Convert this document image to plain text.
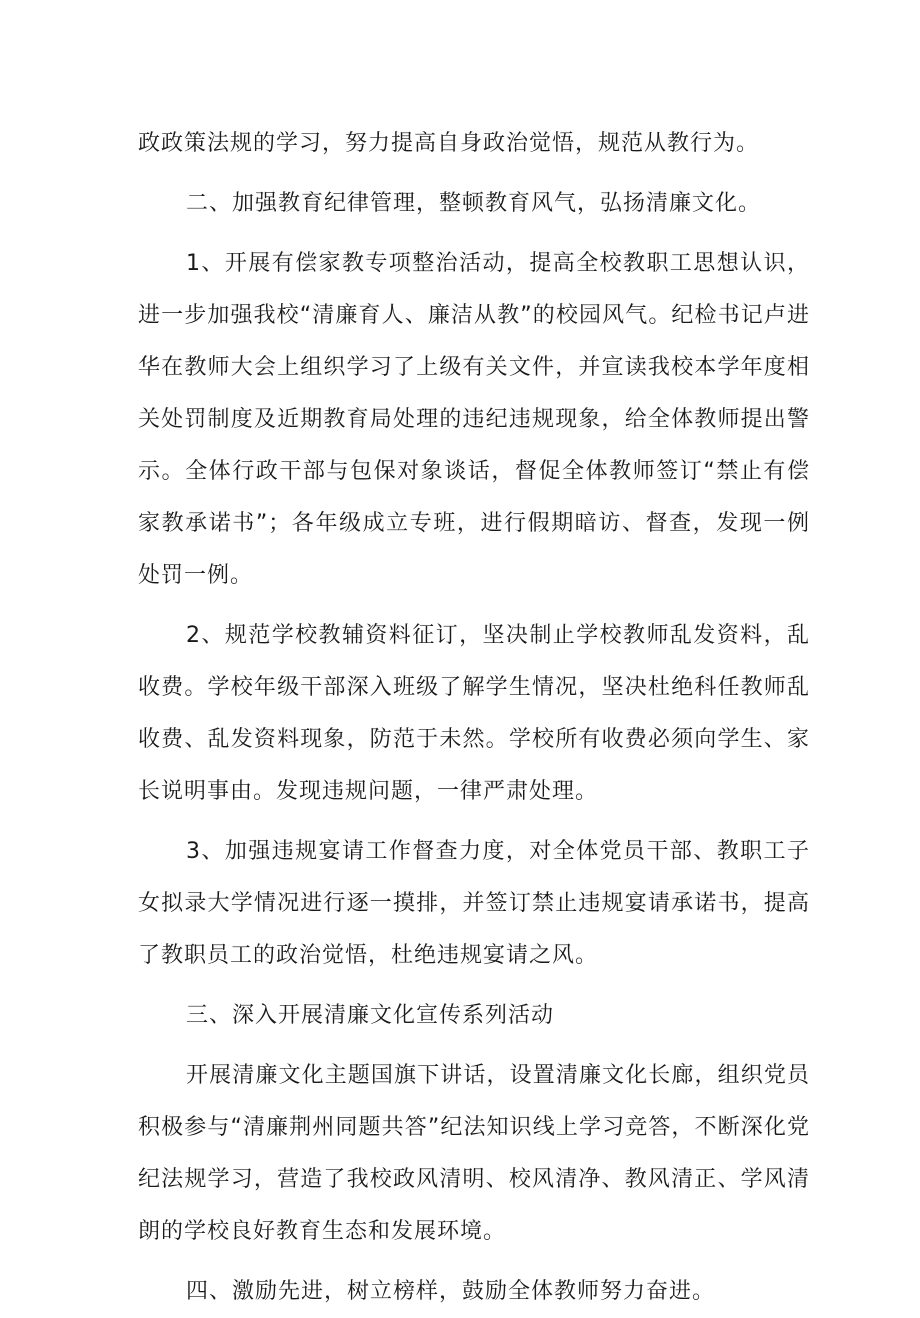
政政策法规的学习，努力提高自身政治觉悟，规范从教行为。

二、加强教育纪律管理，整顿教育风气，弘扬清廉文化。

1、开展有偿家教专项整治活动，提高全校教职工思想认识，进一步加强我校“清廉育人、廉洁从教”的校园风气。纪检书记卢进华在教师大会上组织学习了上级有关文件，并宣读我校本学年度相关处罚制度及近期教育局处理的违纪违规现象，给全体教师提出警示。全体行政干部与包保对象谈话，督促全体教师签订“禁止有偿家教承诺书”；各年级成立专班，进行假期暗访、督查，发现一例处罚一例。

2、规范学校教辅资料征订，坚决制止学校教师乱发资料，乱收费。学校年级干部深入班级了解学生情况，坚决杜绝科任教师乱收费、乱发资料现象，防范于未然。学校所有收费必须向学生、家长说明事由。发现违规问题，一律严肃处理。

3、加强违规宴请工作督查力度，对全体党员干部、教职工子女拟录大学情况进行逐一摸排，并签订禁止违规宴请承诺书，提高了教职员工的政治觉悟，杜绝违规宴请之风。

三、深入开展清廉文化宣传系列活动

开展清廉文化主题国旗下讲话，设置清廉文化长廊，组织党员积极参与“清廉荆州同题共答”纪法知识线上学习竞答，不断深化党纪法规学习，营造了我校政风清明、校风清净、教风清正、学风清朗的学校良好教育生态和发展环境。

四、激励先进，树立榜样，鼓励全体教师努力奋进。
